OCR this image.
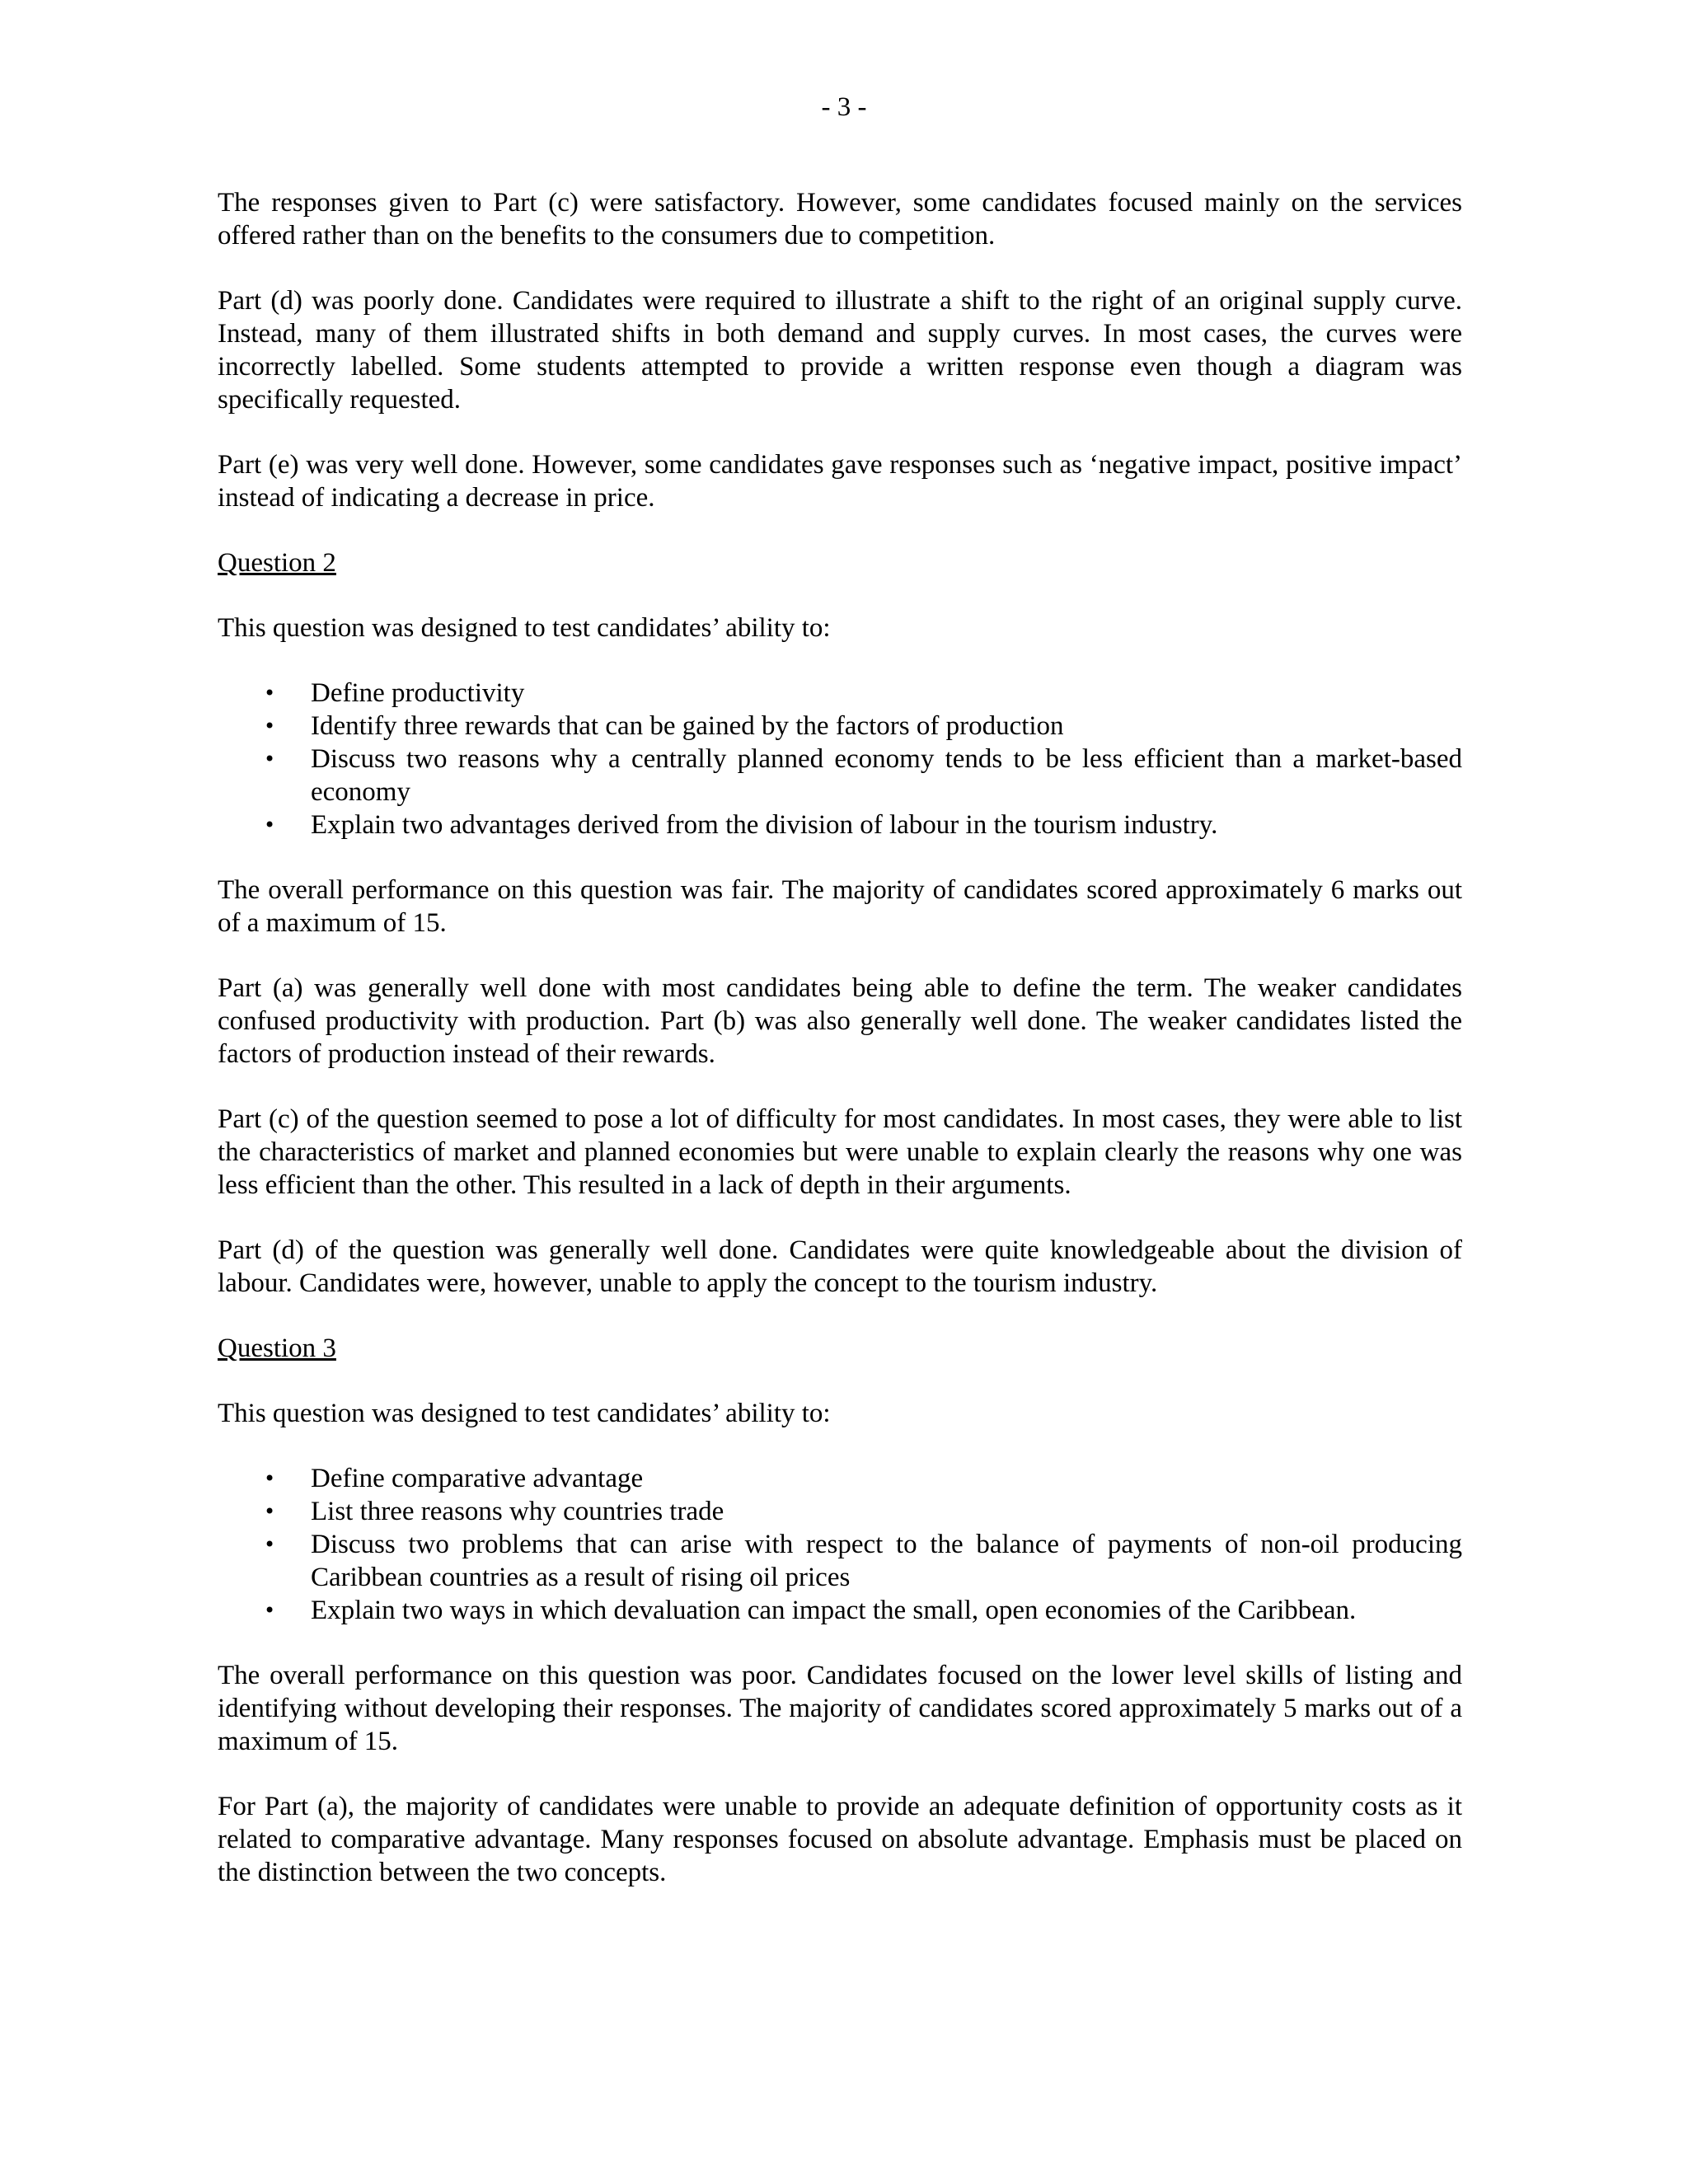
- 3 -

The responses given to Part (c) were satisfactory. However, some candidates focused mainly on the services offered rather than on the benefits to the consumers due to competition.

Part (d) was poorly done. Candidates were required to illustrate a shift to the right of an original supply curve. Instead, many of them illustrated shifts in both demand and supply curves. In most cases, the curves were incorrectly labelled. Some students attempted to provide a written response even though a diagram was specifically requested.

Part (e) was very well done. However, some candidates gave responses such as ‘negative impact, positive impact’ instead of indicating a decrease in price.

Question 2

This question was designed to test candidates’ ability to:

• Define productivity
• Identify three rewards that can be gained by the factors of production
• Discuss two reasons why a centrally planned economy tends to be less efficient than a market-based economy
• Explain two advantages derived from the division of labour in the tourism industry.

The overall performance on this question was fair. The majority of candidates scored approximately 6 marks out of a maximum of 15.

Part (a) was generally well done with most candidates being able to define the term. The weaker candidates confused productivity with production. Part (b) was also generally well done. The weaker candidates listed the factors of production instead of their rewards.

Part (c) of the question seemed to pose a lot of difficulty for most candidates. In most cases, they were able to list the characteristics of market and planned economies but were unable to explain clearly the reasons why one was less efficient than the other. This resulted in a lack of depth in their arguments.

Part (d) of the question was generally well done. Candidates were quite knowledgeable about the division of labour. Candidates were, however, unable to apply the concept to the tourism industry.

Question 3

This question was designed to test candidates’ ability to:

• Define comparative advantage
• List three reasons why countries trade
• Discuss two problems that can arise with respect to the balance of payments of non-oil producing Caribbean countries as a result of rising oil prices
• Explain two ways in which devaluation can impact the small, open economies of the Caribbean.

The overall performance on this question was poor. Candidates focused on the lower level skills of listing and identifying without developing their responses. The majority of candidates scored approximately 5 marks out of a maximum of 15.

For Part (a), the majority of candidates were unable to provide an adequate definition of opportunity costs as it related to comparative advantage. Many responses focused on absolute advantage. Emphasis must be placed on the distinction between the two concepts.
